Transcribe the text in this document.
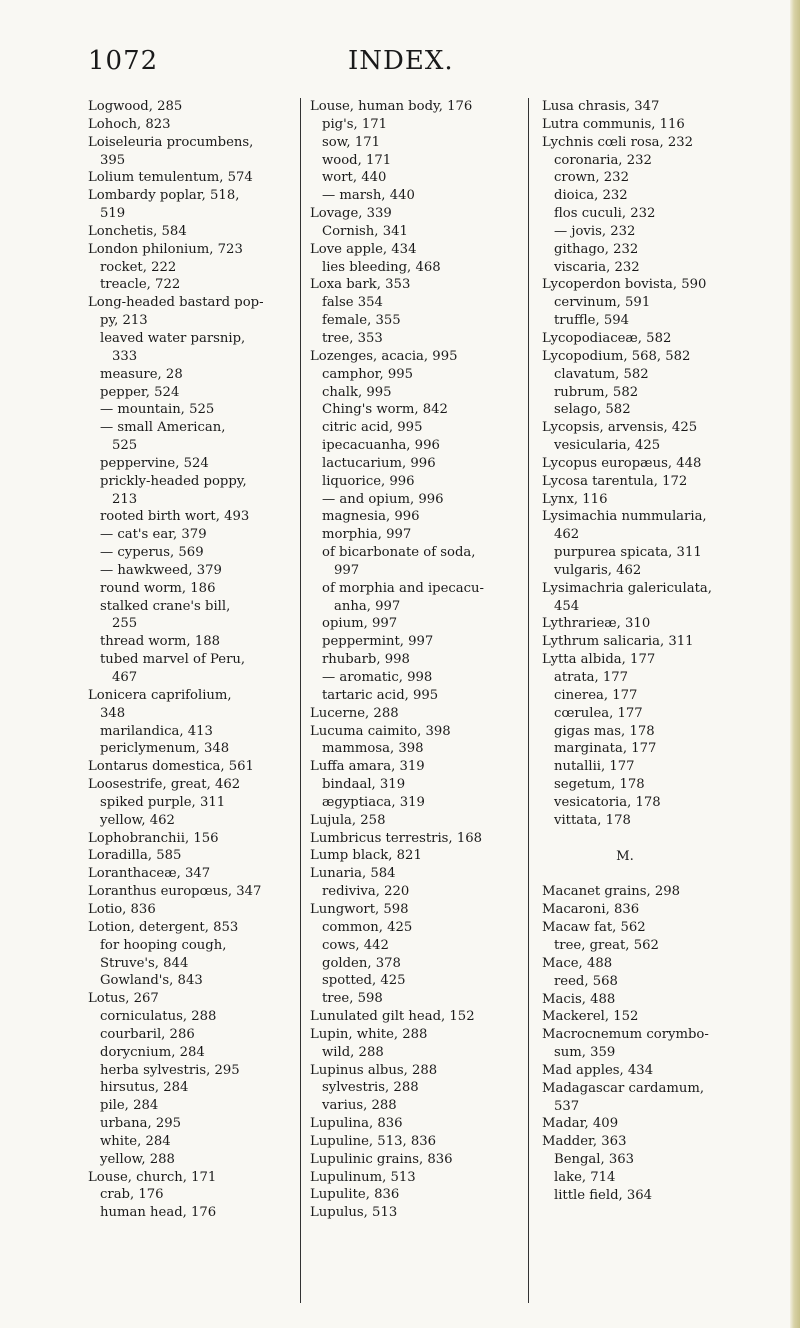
1072	INDEX.
Logwood, 285
Lohoch, 823
Loiseleuria procumbens,
395
Lolium temulentum, 574
Lombardy poplar, 518,
519
Lonchetis, 584
London philonium, 723
rocket, 222
treacle, 722
Long-headed bastard pop-
py, 213
leaved water parsnip,
333
measure, 28
pepper, 524
— mountain, 525
— small American,
525
peppervine, 524
prickly-headed poppy,
213
rooted birth wort, 493
— cat's ear, 379
— cyperus, 569
— hawkweed, 379
round worm, 186
stalked crane's bill,
255
thread worm, 188
tubed marvel of Peru,
467
Lonicera caprifolium,
348
marilandica, 413
periclymenum, 348
Lontarus domestica, 561
Loosestrife, great, 462
spiked purple, 311
yellow, 462
Lophobranchii, 156
Loradilla, 585
Loranthaceæ, 347
Loranthus europœus, 347
Lotio, 836
Lotion, detergent, 853
for hooping cough,
Struve's, 844
Gowland's, 843
Lotus, 267
corniculatus, 288
courbaril, 286
dorycnium, 284
herba sylvestris, 295
hirsutus, 284
pile, 284
urbana, 295
white, 284
yellow, 288
Louse, church, 171
crab, 176
human head, 176
Louse, human body, 176
pig's, 171
sow, 171
wood, 171
wort, 440
— marsh, 440
Lovage, 339
Cornish, 341
Love apple, 434
lies bleeding, 468
Loxa bark, 353
false 354
female, 355
tree, 353
Lozenges, acacia, 995
camphor, 995
chalk, 995
Ching's worm, 842
citric acid, 995
ipecacuanha, 996
lactucarium, 996
liquorice, 996
— and opium, 996
magnesia, 996
morphia, 997
of bicarbonate of soda,
997
of morphia and ipecacu-
anha, 997
opium, 997
peppermint, 997
rhubarb, 998
— aromatic, 998
tartaric acid, 995
Lucerne, 288
Lucuma caimito, 398
mammosa, 398
Luffa amara, 319
bindaal, 319
ægyptiaca, 319
Lujula, 258
Lumbricus terrestris, 168
Lump black, 821
Lunaria, 584
rediviva, 220
Lungwort, 598
common, 425
cows, 442
golden, 378
spotted, 425
tree, 598
Lunulated gilt head, 152
Lupin, white, 288
wild, 288
Lupinus albus, 288
sylvestris, 288
varius, 288
Lupulina, 836
Lupuline, 513, 836
Lupulinic grains, 836
Lupulinum, 513
Lupulite, 836
Lupulus, 513
Lusa chrasis, 347
Lutra communis, 116
Lychnis cœli rosa, 232
coronaria, 232
crown, 232
dioica, 232
flos cuculi, 232
— jovis, 232
githago, 232
viscaria, 232
Lycoperdon bovista, 590
cervinum, 591
truffle, 594
Lycopodiaceæ, 582
Lycopodium, 568, 582
clavatum, 582
rubrum, 582
selago, 582
Lycopsis, arvensis, 425
vesicularia, 425
Lycopus europæus, 448
Lycosa tarentula, 172
Lynx, 116
Lysimachia nummularia,
462
purpurea spicata, 311
vulgaris, 462
Lysimachria galericulata,
454
Lythrarieæ, 310
Lythrum salicaria, 311
Lytta albida, 177
atrata, 177
cinerea, 177
cœrulea, 177
gigas mas, 178
marginata, 177
nutallii, 177
segetum, 178
vesicatoria, 178
vittata, 178
M.
Macanet grains, 298
Macaroni, 836
Macaw fat, 562
tree, great, 562
Mace, 488
reed, 568
Macis, 488
Mackerel, 152
Macrocnemum corymbo-
sum, 359
Mad apples, 434
Madagascar cardamum,
537
Madar, 409
Madder, 363
Bengal, 363
lake, 714
little field, 364
